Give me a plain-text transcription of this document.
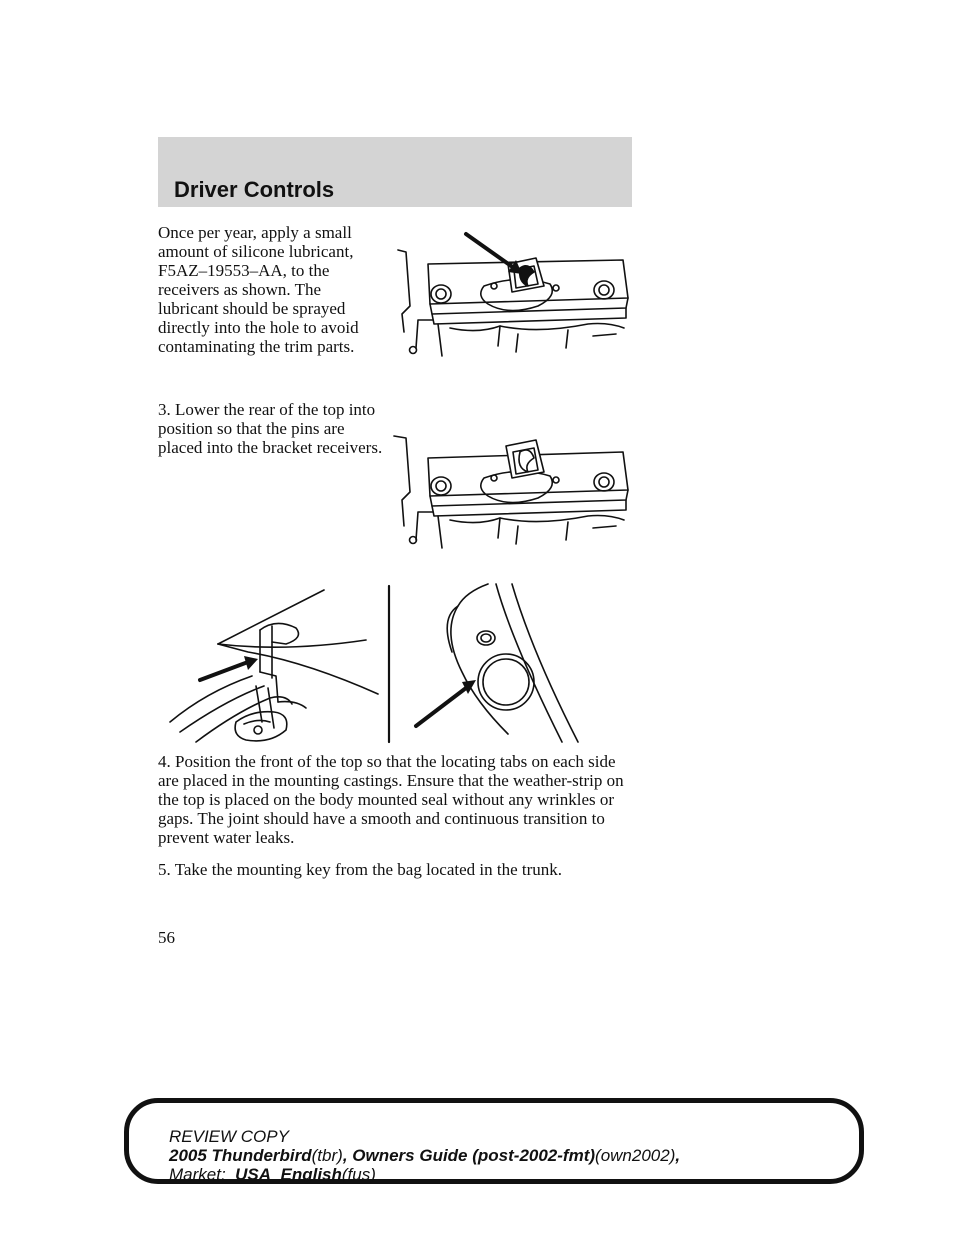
Driver Controls

Once per year, apply a small amount of silicone lubricant, F5AZ–19553–AA, to the receivers as shown. The lubricant should be sprayed directly into the hole to avoid contaminating the trim parts.

3. Lower the rear of the top into position so that the pins are placed into the bracket receivers.

4. Position the front of the top so that the locating tabs on each side are placed in the mounting castings. Ensure that the weather-strip on the top is placed on the body mounted seal without any wrinkles or gaps. The joint should have a smooth and continuous transition to prevent water leaks.

5. Take the mounting key from the bag located in the trunk.

56
REVIEW COPY
2005 Thunderbird(tbr), Owners Guide (post-2002-fmt)(own2002),
Market: USA_English(fus)
